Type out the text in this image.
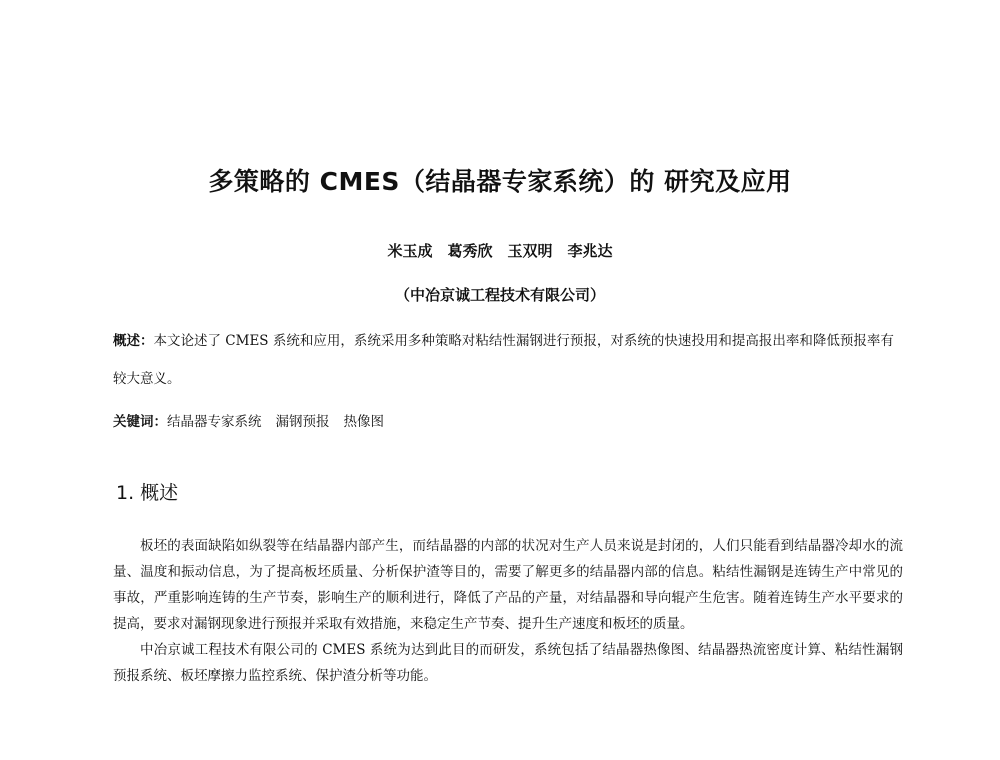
多策略的 CMES（结晶器专家系统）的 研究及应用
米玉成　葛秀欣　玉双明　李兆达
（中冶京诚工程技术有限公司）
概述：本文论述了 CMES 系统和应用，系统采用多种策略对粘结性漏钢进行预报，对系统的快速投用和提高报出率和降低预报率有较大意义。
关键词：结晶器专家系统 漏钢预报 热像图
1. 概述

板坯的表面缺陷如纵裂等在结晶器内部产生，而结晶器的内部的状况对生产人员来说是封闭的，人们只能看到结晶器冷却水的流量、温度和振动信息，为了提高板坯质量、分析保护渣等目的，需要了解更多的结晶器内部的信息。粘结性漏钢是连铸生产中常见的事故，严重影响连铸的生产节奏，影响生产的顺利进行，降低了产品的产量，对结晶器和导向辊产生危害。随着连铸生产水平要求的提高，要求对漏钢现象进行预报并采取有效措施，来稳定生产节奏、提升生产速度和板坯的质量。

中冶京诚工程技术有限公司的 CMES 系统为达到此目的而研发，系统包括了结晶器热像图、结晶器热流密度计算、粘结性漏钢预报系统、板坯摩擦力监控系统、保护渣分析等功能。
